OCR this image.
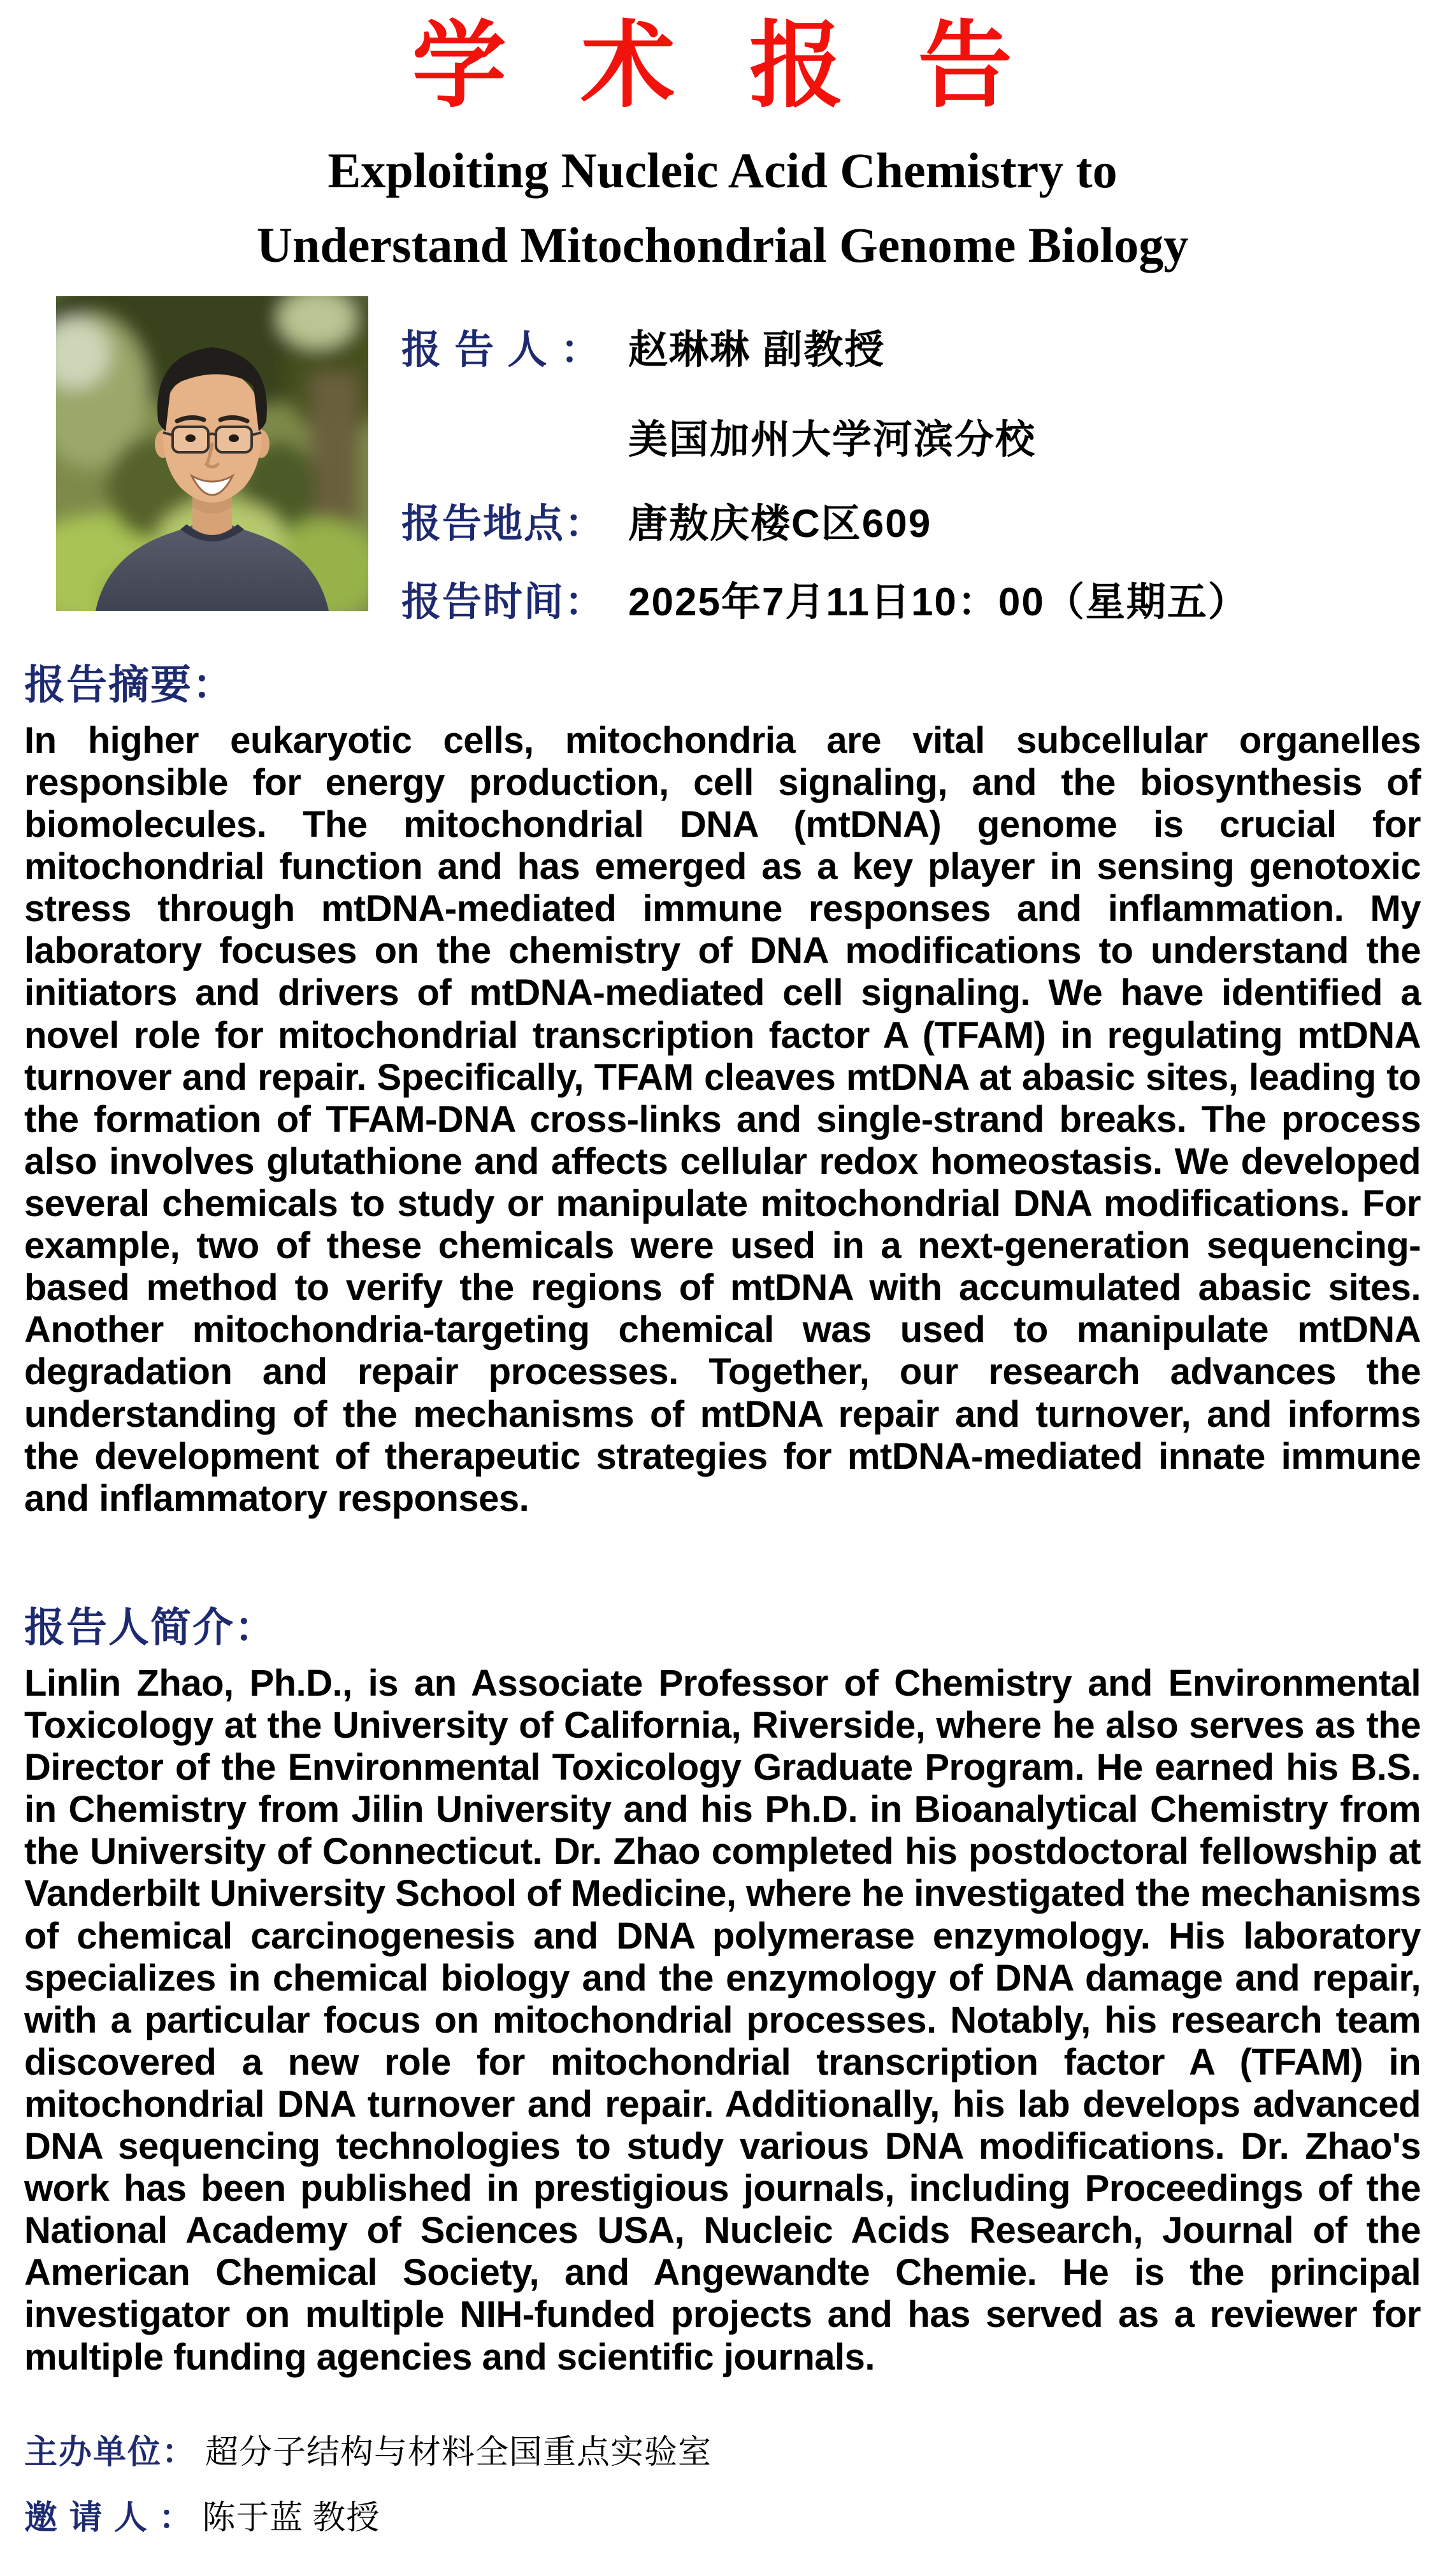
学 术 报 告
Exploiting Nucleic Acid Chemistry to
Understand Mitochondrial Genome Biology
报 告 人 ： 赵琳琳 副教授
美国加州大学河滨分校
报告地点： 唐敖庆楼C区609
报告时间： 2025年7月11日10：00（星期五）
报告摘要：

In higher eukaryotic cells, mitochondria are vital subcellular organelles responsible for energy production, cell signaling, and the biosynthesis of biomolecules. The mitochondrial DNA (mtDNA) genome is crucial for mitochondrial function and has emerged as a key player in sensing genotoxic stress through mtDNA-mediated immune responses and inflammation. My laboratory focuses on the chemistry of DNA modifications to understand the initiators and drivers of mtDNA-mediated cell signaling. We have identified a novel role for mitochondrial transcription factor A (TFAM) in regulating mtDNA turnover and repair. Specifically, TFAM cleaves mtDNA at abasic sites, leading to the formation of TFAM-DNA cross-links and single-strand breaks. The process also involves glutathione and affects cellular redox homeostasis. We developed several chemicals to study or manipulate mitochondrial DNA modifications. For example, two of these chemicals were used in a next-generation sequencing-based method to verify the regions of mtDNA with accumulated abasic sites. Another mitochondria-targeting chemical was used to manipulate mtDNA degradation and repair processes. Together, our research advances the understanding of the mechanisms of mtDNA repair and turnover, and informs the development of therapeutic strategies for mtDNA-mediated innate immune and inflammatory responses.

报告人简介：

Linlin Zhao, Ph.D., is an Associate Professor of Chemistry and Environmental Toxicology at the University of California, Riverside, where he also serves as the Director of the Environmental Toxicology Graduate Program. He earned his B.S. in Chemistry from Jilin University and his Ph.D. in Bioanalytical Chemistry from the University of Connecticut. Dr. Zhao completed his postdoctoral fellowship at Vanderbilt University School of Medicine, where he investigated the mechanisms of chemical carcinogenesis and DNA polymerase enzymology. His laboratory specializes in chemical biology and the enzymology of DNA damage and repair, with a particular focus on mitochondrial processes. Notably, his research team discovered a new role for mitochondrial transcription factor A (TFAM) in mitochondrial DNA turnover and repair. Additionally, his lab develops advanced DNA sequencing technologies to study various DNA modifications. Dr. Zhao's work has been published in prestigious journals, including Proceedings of the National Academy of Sciences USA, Nucleic Acids Research, Journal of the American Chemical Society, and Angewandte Chemie. He is the principal investigator on multiple NIH-funded projects and has served as a reviewer for multiple funding agencies and scientific journals.

主办单位： 超分子结构与材料全国重点实验室
邀 请 人 ： 陈于蓝 教授
